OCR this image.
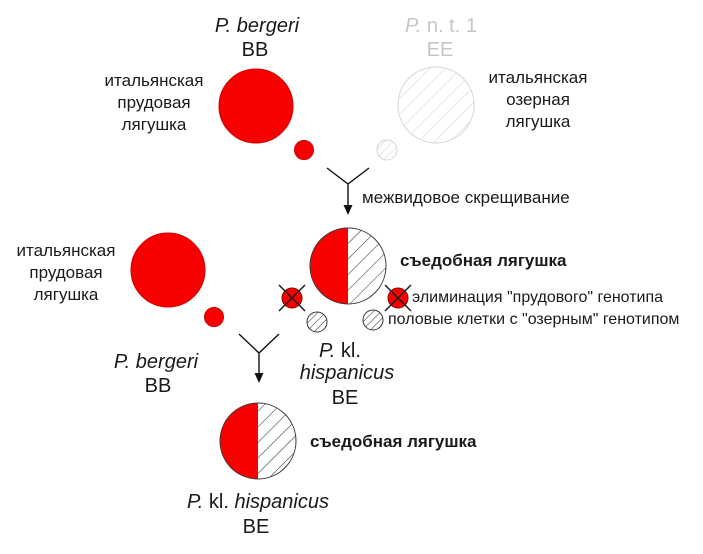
P. bergeri
BB
P. n. t. 1
EE
итальянская
прудовая
лягушка
итальянская
озерная
лягушка
межвидовое скрещивание
итальянская
прудовая
лягушка
съедобная лягушка
элиминация "прудового" генотипа
половые клетки с "озерным" генотипом
P. bergeri
BB
P. kl.
hispanicus
BE
съедобная лягушка
P. kl. hispanicus
BE
